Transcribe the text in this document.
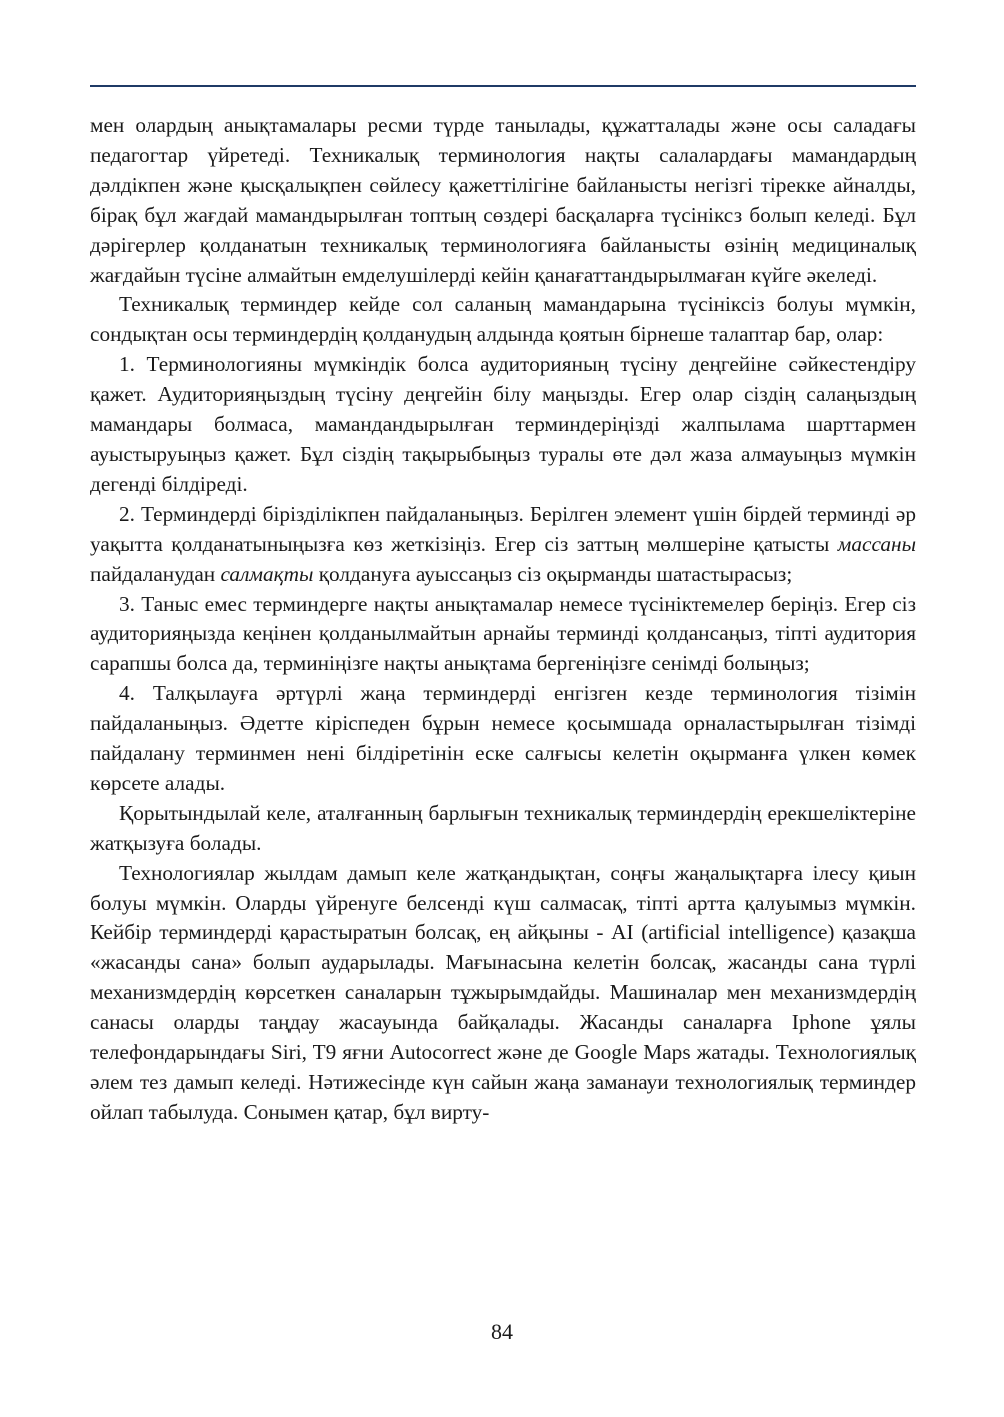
мен олардың анықтамалары ресми түрде танылады, құжатталады және осы саладағы педагогтар үйретеді. Техникалық терминология нақты салалардағы мамандардың дәлдікпен және қысқалықпен сөйлесу қажеттілігіне байланысты негізгі тірекке айналды, бірақ бұл жағдай мамандырылған топтың сөздері басқаларға түсініксз болып келеді. Бұл дәрігерлер қолданатын техникалық терминологияға байланысты өзінің медициналық жағдайын түсіне алмайтын емделушілерді кейін қанағаттандырылмаған күйге әкеледі.

Техникалық терминдер кейде сол саланың мамандарына түсініксіз болуы мүмкін, сондықтан осы терминдердің қолданудың алдында қоятын бірнеше талаптар бар, олар:

1. Терминологияны мүмкіндік болса аудиторияның түсіну деңгейіне сәйкестендіру қажет. Аудиторияңыздың түсіну деңгейін білу маңызды. Егер олар сіздің салаңыздың мамандары болмаса, мамандандырылған терминдеріңізді жалпылама шарттармен ауыстыруыңыз қажет. Бұл сіздің тақырыбыңыз туралы өте дәл жаза алмауыңыз мүмкін дегенді білдіреді.

2. Терминдерді біріздiлiкпен пайдаланыңыз. Берілген элемент үшін бірдей терминді әр уақытта қолданатыныңызға көз жеткізіңіз. Егер сіз заттың мөлшеріне қатысты массаны пайдаланудан салмақты қолдануға ауыссаңыз сіз оқырманды шатастырасыз;

3. Таныс емес терминдерге нақты анықтамалар немесе түсініктемелер беріңіз. Егер сіз аудиторияңызда кеңінен қолданылмайтын арнайы терминді қолдансаңыз, тіпті аудитория сарапшы болса да, терминіңізге нақты анықтама бергеніңізге сенімді болыңыз;

4. Талқылауға әртүрлі жаңа терминдерді енгізген кезде терминология тізімін пайдаланыңыз. Әдетте кіріспеден бұрын немесе қосымшада орналастырылған тізімді пайдалану терминмен нені білдіретінін еске салғысы келетін оқырманға үлкен көмек көрсете алады.

Қорытындылай келе, аталғанның барлығын техникалық терминдердің ерекшеліктеріне жатқызуға болады.

Технологиялар жылдам дамып келе жатқандықтан, соңғы жаңалықтарға ілесу қиын болуы мүмкін. Оларды үйренуге белсенді күш салмасақ, тіпті артта қалуымыз мүмкін. Кейбір терминдерді қарастыратын болсақ, ең айқыны - AI (artificial intelligence) қазақша «жасанды сана» болып аударылады. Мағынасына келетін болсақ, жасанды сана түрлі механизмдердің көрсеткен саналарын тұжырымдайды. Машиналар мен механизмдердің санасы оларды таңдау жасауында байқалады. Жасанды саналарға Iphone ұялы телефондарындағы Siri, T9 яғни Autocorrect және де Google Maps жатады. Технологиялық әлем тез дамып келеді. Нәтижесінде күн сайын жаңа заманауи технологиялық терминдер ойлап табылуда. Сонымен қатар, бұл вирту-

84
